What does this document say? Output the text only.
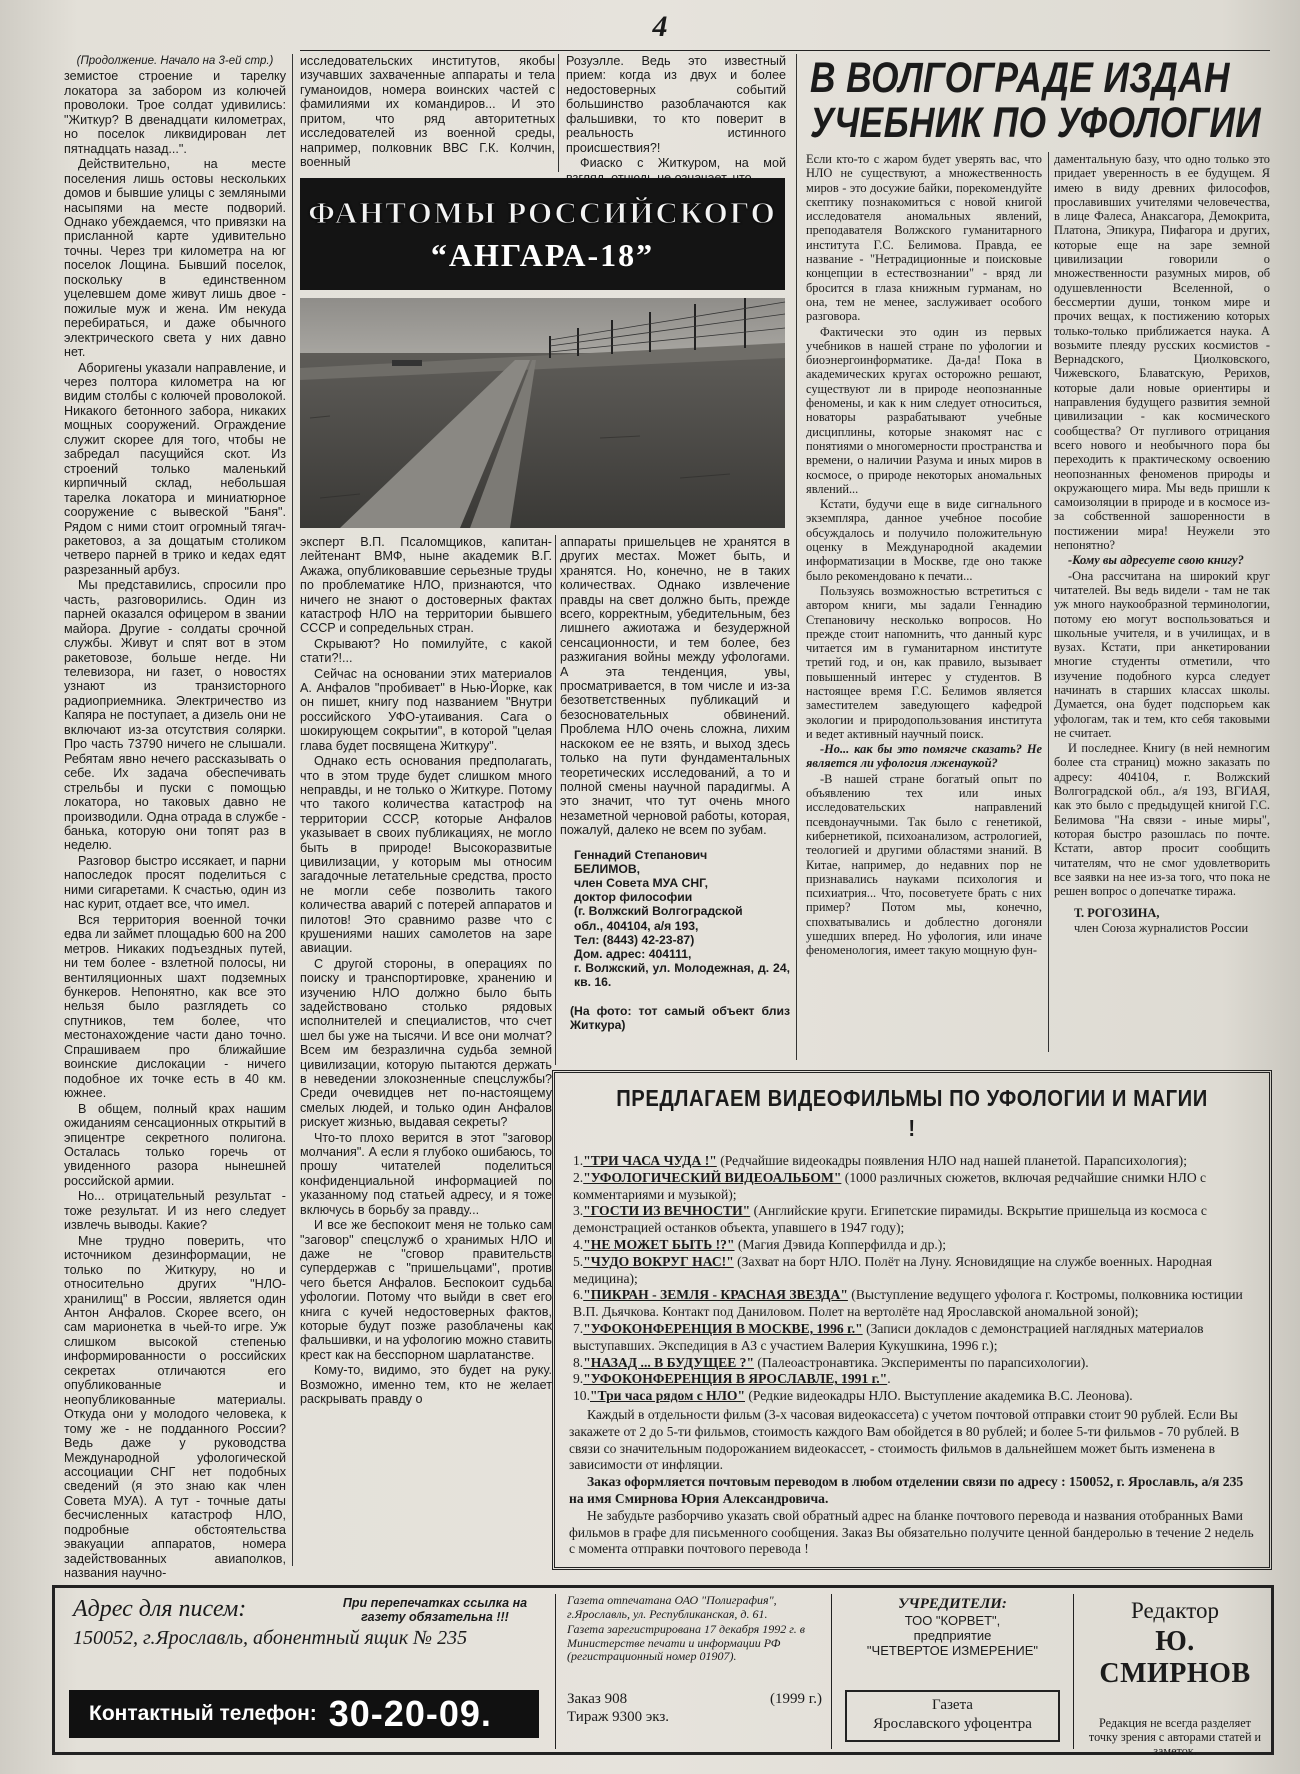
4

(Продолжение. Начало на 3-ей стр.)

земистое строение и тарелку локатора за забором из колючей проволоки. Трое солдат удивились: "Житкур? В двенадцати километрах, но поселок ликвидирован лет пятнадцать назад...".

Действительно, на месте поселения лишь остовы нескольких домов и бывшие улицы с земляными насыпями на месте подворий. Однако убеждаемся, что привязки на присланной карте удивительно точны. Через три километра на юг поселок Лощина. Бывший поселок, поскольку в единственном уцелевшем доме живут лишь двое - пожилые муж и жена. Им некуда перебираться, и даже обычного электрического света у них давно нет.

Аборигены указали направление, и через полтора километра на юг видим столбы с колючей проволокой. Никакого бетонного забора, никаких мощных сооружений. Ограждение служит скорее для того, чтобы не забредал пасущийся скот. Из строений только маленький кирпичный склад, небольшая тарелка локатора и миниатюрное сооружение с вывеской "Баня". Рядом с ними стоит огромный тягач-ракетовоз, а за дощатым столиком четверо парней в трико и кедах едят разрезанный арбуз.

Мы представились, спросили про часть, разговорились. Один из парней оказался офицером в звании майора. Другие - солдаты срочной службы. Живут и спят вот в этом ракетовозе, больше негде. Ни телевизора, ни газет, о новостях узнают из транзисторного радиоприемника. Электричество из Капяра не поступает, а дизель они не включают из-за отсутствия солярки. Про часть 73790 ничего не слышали. Ребятам явно нечего рассказывать о себе. Их задача обеспечивать стрельбы и пуски с помощью локатора, но таковых давно не производили. Одна отрада в службе - банька, которую они топят раз в неделю.

Разговор быстро иссякает, и парни напоследок просят поделиться с ними сигаретами. К счастью, один из нас курит, отдает все, что имел.

Вся территория военной точки едва ли займет площадью 600 на 200 метров. Никаких подъездных путей, ни тем более - взлетной полосы, ни вентиляционных шахт подземных бункеров. Непонятно, как все это нельзя было разглядеть со спутников, тем более, что местонахождение части дано точно. Спрашиваем про ближайшие воинские дислокации - ничего подобное их точке есть в 40 км. южнее.

В общем, полный крах нашим ожиданиям сенсационных открытий в эпицентре секретного полигона. Осталась только горечь от увиденного разора нынешней российской армии.

Но... отрицательный результат - тоже результат. И из него следует извлечь выводы. Какие?

Мне трудно поверить, что источником дезинформации, не только по Житкуру, но и относительно других "НЛО-хранилищ" в России, является один Антон Анфалов. Скорее всего, он сам марионетка в чьей-то игре. Уж слишком высокой степенью информированности о российских секретах отличаются его опубликованные и неопубликованные материалы. Откуда они у молодого человека, к тому же - не подданного России? Ведь даже у руководства Международной уфологической ассоциации СНГ нет подобных сведений (я это знаю как член Совета МУА). А тут - точные даты бесчисленных катастроф НЛО, подробные обстоятельства эвакуации аппаратов, номера задействованных авиаполков, названия научно-

исследовательских институтов, якобы изучавших захваченные аппараты и тела гуманоидов, номера воинских частей с фамилиями их командиров... И это притом, что ряд авторитетных исследователей из военной среды, например, полковник ВВС Г.К. Колчин, военный

Розуэлле. Ведь это известный прием: когда из двух и более недостоверных событий большинство разоблачаются как фальшивки, то кто поверит в реальность истинного происшествия?!

Фиаско с Житкуром, на мой

ФАНТОМЫ РОССИЙСКОГО
“АНГАРА-18”

эксперт В.П. Псаломщиков, капитан-лейтенант ВМФ, ныне академик В.Г. Ажажа, опубликовавшие серьезные труды по проблематике НЛО, признаются, что ничего не знают о достоверных фактах катастроф НЛО на территории бывшего СССР и сопредельных стран.

Скрывают? Но помилуйте, с какой стати?!...

Сейчас на основании этих материалов А. Анфалов "пробивает" в Нью-Йорке, как он пишет, книгу под названием "Внутри российского УФО-утаивания. Сага о шокирующем сокрытии", в которой "целая глава будет посвящена Житкуру".

Однако есть основания предполагать, что в этом труде будет слишком много неправды, и не только о Житкуре. Потому что такого количества катастроф на территории СССР, которые Анфалов указывает в своих публикациях, не могло быть в природе! Высокоразвитые цивилизации, у которым мы относим загадочные летательные средства, просто не могли себе позволить такого количества аварий с потерей аппаратов и пилотов! Это сравнимо разве что с крушениями наших самолетов на заре авиации.

С другой стороны, в операциях по поиску и транспортировке, хранению и изучению НЛО должно было быть задействовано столько рядовых исполнителей и специалистов, что счет шел бы уже на тысячи. И все они молчат? Всем им безразлична судьба земной цивилизации, которую пытаются держать в неведении злокозненные спецслужбы? Среди очевидцев нет по-настоящему смелых людей, и только один Анфалов рискует жизнью, выдавая секреты?

Что-то плохо верится в этот "заговор молчания". А если я глубоко ошибаюсь, то прошу читателей поделиться конфиденциальной информацией по указанному под статьей адресу, и я тоже включусь в борьбу за правду...

И все же беспокоит меня не только сам "заговор" спецслужб о хранимых НЛО и даже не "сговор правительств супердержав с "пришельцами", против чего бьется Анфалов. Беспокоит судьба уфологии. Потому что выйди в свет его книга с кучей недостоверных фактов, которые будут позже разоблачены как фальшивки, и на уфологию можно ставить крест как на бесспорном шарлатанстве.

Кому-то, видимо, это будет на руку. Возможно, именно тем, кто не желает раскрывать правду о

аппараты пришельцев не хранятся в других местах. Может быть, и хранятся. Но, конечно, не в таких количествах. Однако извлечение правды на свет должно быть, прежде всего, корректным, убедительным, без лишнего ажиотажа и безудержной сенсационности, и тем более, без разжигания войны между уфологами. А эта тенденция, увы, просматривается, в том числе и из-за безответственных публикаций и безосновательных обвинений. Проблема НЛО очень сложна, лихим наскоком ее не взять, и выход здесь только на пути фундаментальных теоретических исследований, а то и полной смены научной парадигмы. А это значит, что тут очень много незаметной черновой работы, которая, пожалуй, далеко не всем по зубам.

Геннадий Степанович
БЕЛИМОВ,
член Совета МУА СНГ,
доктор философии
(г. Волжский Волгоградской
обл., 404104, а/я 193,
Тел: (8443) 42-23-87)
Дом. адрес: 404111,
г. Волжский, ул. Молодежная, д. 24, кв. 16.
(На фото: тот самый объект близ Житкура)
В ВОЛГОГРАДЕ ИЗДАН
УЧЕБНИК ПО УФОЛОГИИ

Если кто-то с жаром будет уверять вас, что НЛО не существуют, а множественность миров - это досужие байки, порекомендуйте скептику познакомиться с новой книгой исследователя аномальных явлений, преподавателя Волжского гуманитарного института Г.С. Белимова. Правда, ее название - "Нетрадиционные и поисковые концепции в естествознании" - вряд ли бросится в глаза книжным гурманам, но она, тем не менее, заслуживает особого разговора.

Фактически это один из первых учебников в нашей стране по уфологии и биоэнергоинформатике. Да-да! Пока в академических кругах осторожно решают, существуют ли в природе неопознанные феномены, и как к ним следует относиться, новаторы разрабатывают учебные дисциплины, которые знакомят нас с понятиями о многомерности пространства и времени, о наличии Разума и иных миров в космосе, о природе некоторых аномальных явлений...

Кстати, будучи еще в виде сигнального экземпляра, данное учебное пособие обсуждалось и получило положительную оценку в Международной академии информатизации в Москве, где оно также было рекомендовано к печати...

Пользуясь возможностью встретиться с автором книги, мы задали Геннадию Степановичу несколько вопросов. Но прежде стоит напомнить, что данный курс читается им в гуманитарном институте третий год, и он, как правило, вызывает повышенный интерес у студентов. В настоящее время Г.С. Белимов является заместителем заведующего кафедрой экологии и природопользования института и ведет активный научный поиск.

-Но... как бы это помягче сказать? Не является ли уфология лженаукой?

-В нашей стране богатый опыт по объявлению тех или иных исследовательских направлений псевдонаучными. Так было с генетикой, кибернетикой, психоанализом, астрологией, теологией и другими областями знаний. В Китае, например, до недавних пор не признавались науками психология и психиатрия... Что, посоветуете брать с них пример? Потом мы, конечно, спохватывались и доблестно догоняли ушедших вперед. Но уфология, или иначе феноменология, имеет такую мощную фун-

даментальную базу, что одно только это придает уверенность в ее будущем. Я имею в виду древних философов, прославивших учителями человечества, в лице Фалеса, Анаксагора, Демокрита, Платона, Эпикура, Пифагора и других, которые еще на заре земной цивилизации говорили о множественности разумных миров, об одушевленности Вселенной, о бессмертии души, тонком мире и прочих вещах, к постижению которых только-только приближается наука. А возьмите плеяду русских космистов - Вернадского, Циолковского, Чижевского, Блаватскую, Рерихов, которые дали новые ориентиры и направления будущего развития земной цивилизации - как космического сообщества? От пугливого отрицания всего нового и необычного пора бы переходить к практическому освоению неопознанных феноменов природы и окружающего мира. Мы ведь пришли к самоизоляции в природе и в космосе из-за собственной зашоренности в постижении мира! Неужели это непонятно?

-Кому вы адресуете свою книгу?

-Она рассчитана на широкий круг читателей. Вы ведь видели - там не так уж много наукообразной терминологии, потому ею могут воспользоваться и школьные учителя, и в училищах, и в вузах. Кстати, при анкетировании многие студенты отметили, что изучение подобного курса следует начинать в старших классах школы. Думается, она будет подспорьем как уфологам, так и тем, кто себя таковыми не считает.

И последнее. Книгу (в ней немногим более ста страниц) можно заказать по адресу: 404104, г. Волжский Волгоградской обл., а/я 193, ВГИАЯ, как это было с предыдущей книгой Г.С. Белимова "На связи - иные миры", которая быстро разошлась по почте. Кстати, автор просит сообщить читателям, что не смог удовлетворить все заявки на нее из-за того, что пока не решен вопрос о допечатке тиража.

Т. РОГОЗИНА,
член Союза журналистов России
ПРЕДЛАГАЕМ ВИДЕОФИЛЬМЫ ПО УФОЛОГИИ И МАГИИ !
1."ТРИ ЧАСА ЧУДА !" (Редчайшие видеокадры появления НЛО над нашей планетой. Парапсихология);
2."УФОЛОГИЧЕСКИЙ ВИДЕОАЛЬБОМ" (1000 различных сюжетов, включая редчайшие снимки НЛО с комментариями и музыкой);
3."ГОСТИ ИЗ ВЕЧНОСТИ" (Английские круги. Египетские пирамиды. Вскрытие пришельца из космоса с демонстрацией останков объекта, упавшего в 1947 году);
4."НЕ МОЖЕТ БЫТЬ !?" (Магия Дэвида Копперфилда и др.);
5."ЧУДО ВОКРУГ НАС!" (Захват на борт НЛО. Полёт на Луну. Ясновидящие на службе военных. Народная медицина);
6."ПИКРАН - ЗЕМЛЯ - КРАСНАЯ ЗВЕЗДА" (Выступление ведущего уфолога г. Костромы, полковника юстиции В.П. Дьячкова. Контакт под Даниловом. Полет на вертолёте над Ярославской аномальной зоной);
7."УФОКОНФЕРЕНЦИЯ В МОСКВЕ, 1996 г." (Записи докладов с демонстрацией наглядных материалов выступавших. Экспедиция в АЗ с участием Валерия Кукушкина, 1996 г.);
8."НАЗАД ... В БУДУЩЕЕ ?" (Палеоастронавтика. Эксперименты по парапсихологии).
9."УФОКОНФЕРЕНЦИЯ В ЯРОСЛАВЛЕ, 1991 г.".
10."Три часа рядом с НЛО" (Редкие видеокадры НЛО. Выступление академика В.С. Леонова).

Каждый в отдельности фильм (3-х часовая видеокассета) с учетом почтовой отправки стоит 90 рублей. Если Вы закажете от 2 до 5-ти фильмов, стоимость каждого Вам обойдется в 80 рублей; и более 5-ти фильмов - 70 рублей. В связи со значительным подорожанием видеокассет, - стоимость фильмов в дальнейшем может быть изменена в зависимости от инфляции.

Заказ оформляется почтовым переводом в любом отделении связи по адресу : 150052, г. Ярославль, а/я 235 на имя Смирнова Юрия Александровича.

Не забудьте разборчиво указать свой обратный адрес на бланке почтового перевода и названия отобранных Вами фильмов в графе для письменного сообщения. Заказ Вы обязательно получите ценной бандеролью в течение 2 недель с момента отправки почтового перевода !

Адрес для писем:
150052, г.Ярославль, абонентный ящик № 235
При перепечатках ссылка на газету обязательна !!!
Контактный телефон: 30-20-09.
Газета отпечатана ОАО "Полиграфия", г.Ярославль, ул. Республиканская, д. 61.
Газета зарегистрирована 17 декабря 1992 г. в Министерстве печати и информации РФ (регистрационный номер 01907).
Заказ 908	(1999 г.)
Тираж 9300 экз.
УЧРЕДИТЕЛИ:
ТОО "КОРВЕТ",
предприятие
"ЧЕТВЕРТОЕ ИЗМЕРЕНИЕ"
Газета
Ярославского уфоцентра
Редактор
Ю. СМИРНОВ
Редакция не всегда разделяет точку зрения с авторами статей и заметок.
